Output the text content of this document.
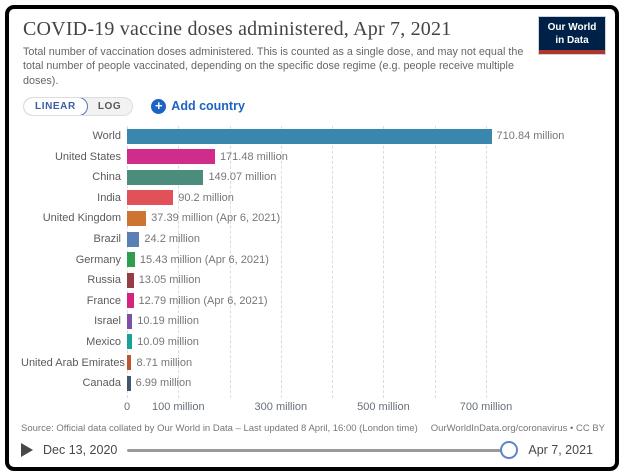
COVID-19 vaccine doses administered, Apr 7, 2021
Total number of vaccination doses administered. This is counted as a single dose, and may not equal the total number of people vaccinated, depending on the specific dose regime (e.g. people receive multiple doses).
Our World
in Data
LINEAR	LOG	+ Add country
World	710.84 million
United States	171.48 million
China	149.07 million
India	90.2 million
United Kingdom	37.39 million (Apr 6, 2021)
Brazil	24.2 million
Germany	15.43 million (Apr 6, 2021)
Russia	13.05 million
France	12.79 million (Apr 6, 2021)
Israel	10.19 million
Mexico	10.09 million
United Arab Emirates 8.71 million
Canada	6.99 million
0 100 million	300 million	500 million	700 million
Source: Official data collated by Our World in Data – Last updated 8 April, 16:00 (London time) OurWorldInData.org/coronavirus • CC BY
Dec 13, 2020	Apr 7, 2021
